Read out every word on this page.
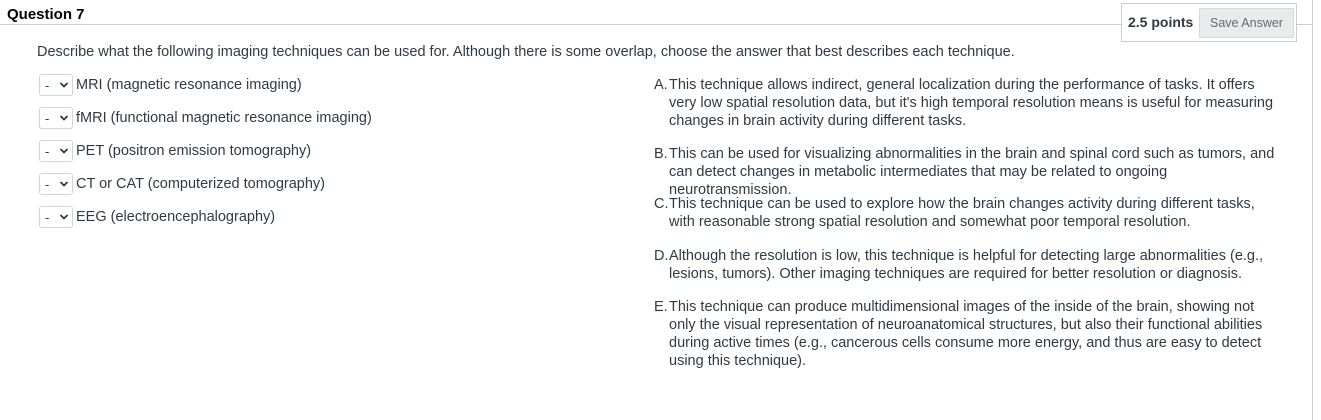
Question 7	2.5 points	Save Answer
Describe what the following imaging techniques can be used for. Although there is some overlap, choose the answer that best describes each technique.
- MRI (magnetic resonance imaging)
- fMRI (functional magnetic resonance imaging)
- PET (positron emission tomography)
- CT or CAT (computerized tomography)
- EEG (electroencephalography)
A. This technique allows indirect, general localization during the performance of tasks. It offers very low spatial resolution data, but it's high temporal resolution means is useful for measuring changes in brain activity during different tasks.
B. This can be used for visualizing abnormalities in the brain and spinal cord such as tumors, and can detect changes in metabolic intermediates that may be related to ongoing neurotransmission.
C. This technique can be used to explore how the brain changes activity during different tasks, with reasonable strong spatial resolution and somewhat poor temporal resolution.
D. Although the resolution is low, this technique is helpful for detecting large abnormalities (e.g., lesions, tumors). Other imaging techniques are required for better resolution or diagnosis.
E. This technique can produce multidimensional images of the inside of the brain, showing not only the visual representation of neuroanatomical structures, but also their functional abilities during active times (e.g., cancerous cells consume more energy, and thus are easy to detect using this technique).
